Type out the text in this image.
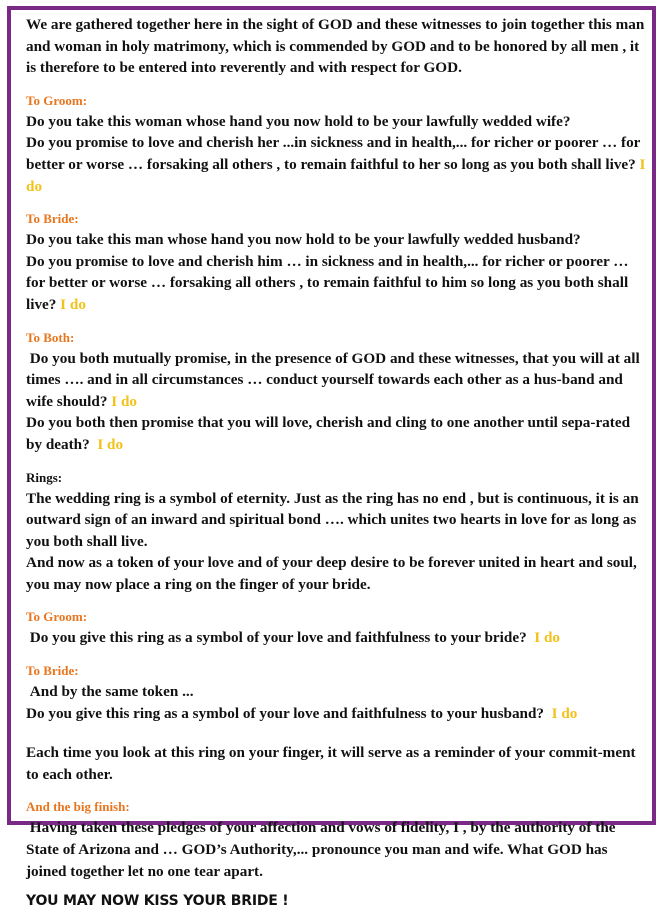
We are gathered together here in the sight of GOD and these witnesses to join together this man and woman in holy matrimony, which is commended by GOD and to be honored by all men , it is therefore to be entered into reverently and with respect for GOD.

To Groom:

Do you take this woman whose hand you now hold to be your lawfully wedded wife?

Do you promise to love and cherish her ...in sickness and in health,... for richer or poorer … for better or worse … forsaking all others , to remain faithful to her so long as you both shall live? I do

To Bride:

Do you take this man whose hand you now hold to be your lawfully wedded husband?

Do you promise to love and cherish him … in sickness and in health,... for richer or poorer … for better or worse … forsaking all others , to remain faithful to him so long as you both shall live? I do

To Both:

Do you both mutually promise, in the presence of GOD and these witnesses, that you will at all times …. and in all circumstances … conduct yourself towards each other as a hus-band and wife should? I do

Do you both then promise that you will love, cherish and cling to one another until sepa-rated by death? I do

Rings:

The wedding ring is a symbol of eternity. Just as the ring has no end , but is continuous, it is an outward sign of an inward and spiritual bond …. which unites two hearts in love for as long as you both shall live.

And now as a token of your love and of your deep desire to be forever united in heart and soul, you may now place a ring on the finger of your bride.

To Groom:

Do you give this ring as a symbol of your love and faithfulness to your bride? I do

To Bride:

And by the same token ...

Do you give this ring as a symbol of your love and faithfulness to your husband? I do

Each time you look at this ring on your finger, it will serve as a reminder of your commit-ment to each other.

And the big finish:

Having taken these pledges of your affection and vows of fidelity, I , by the authority of the State of Arizona and … GOD’s Authority,... pronounce you man and wife. What GOD has joined together let no one tear apart.

YOU MAY NOW KISS YOUR BRIDE !
